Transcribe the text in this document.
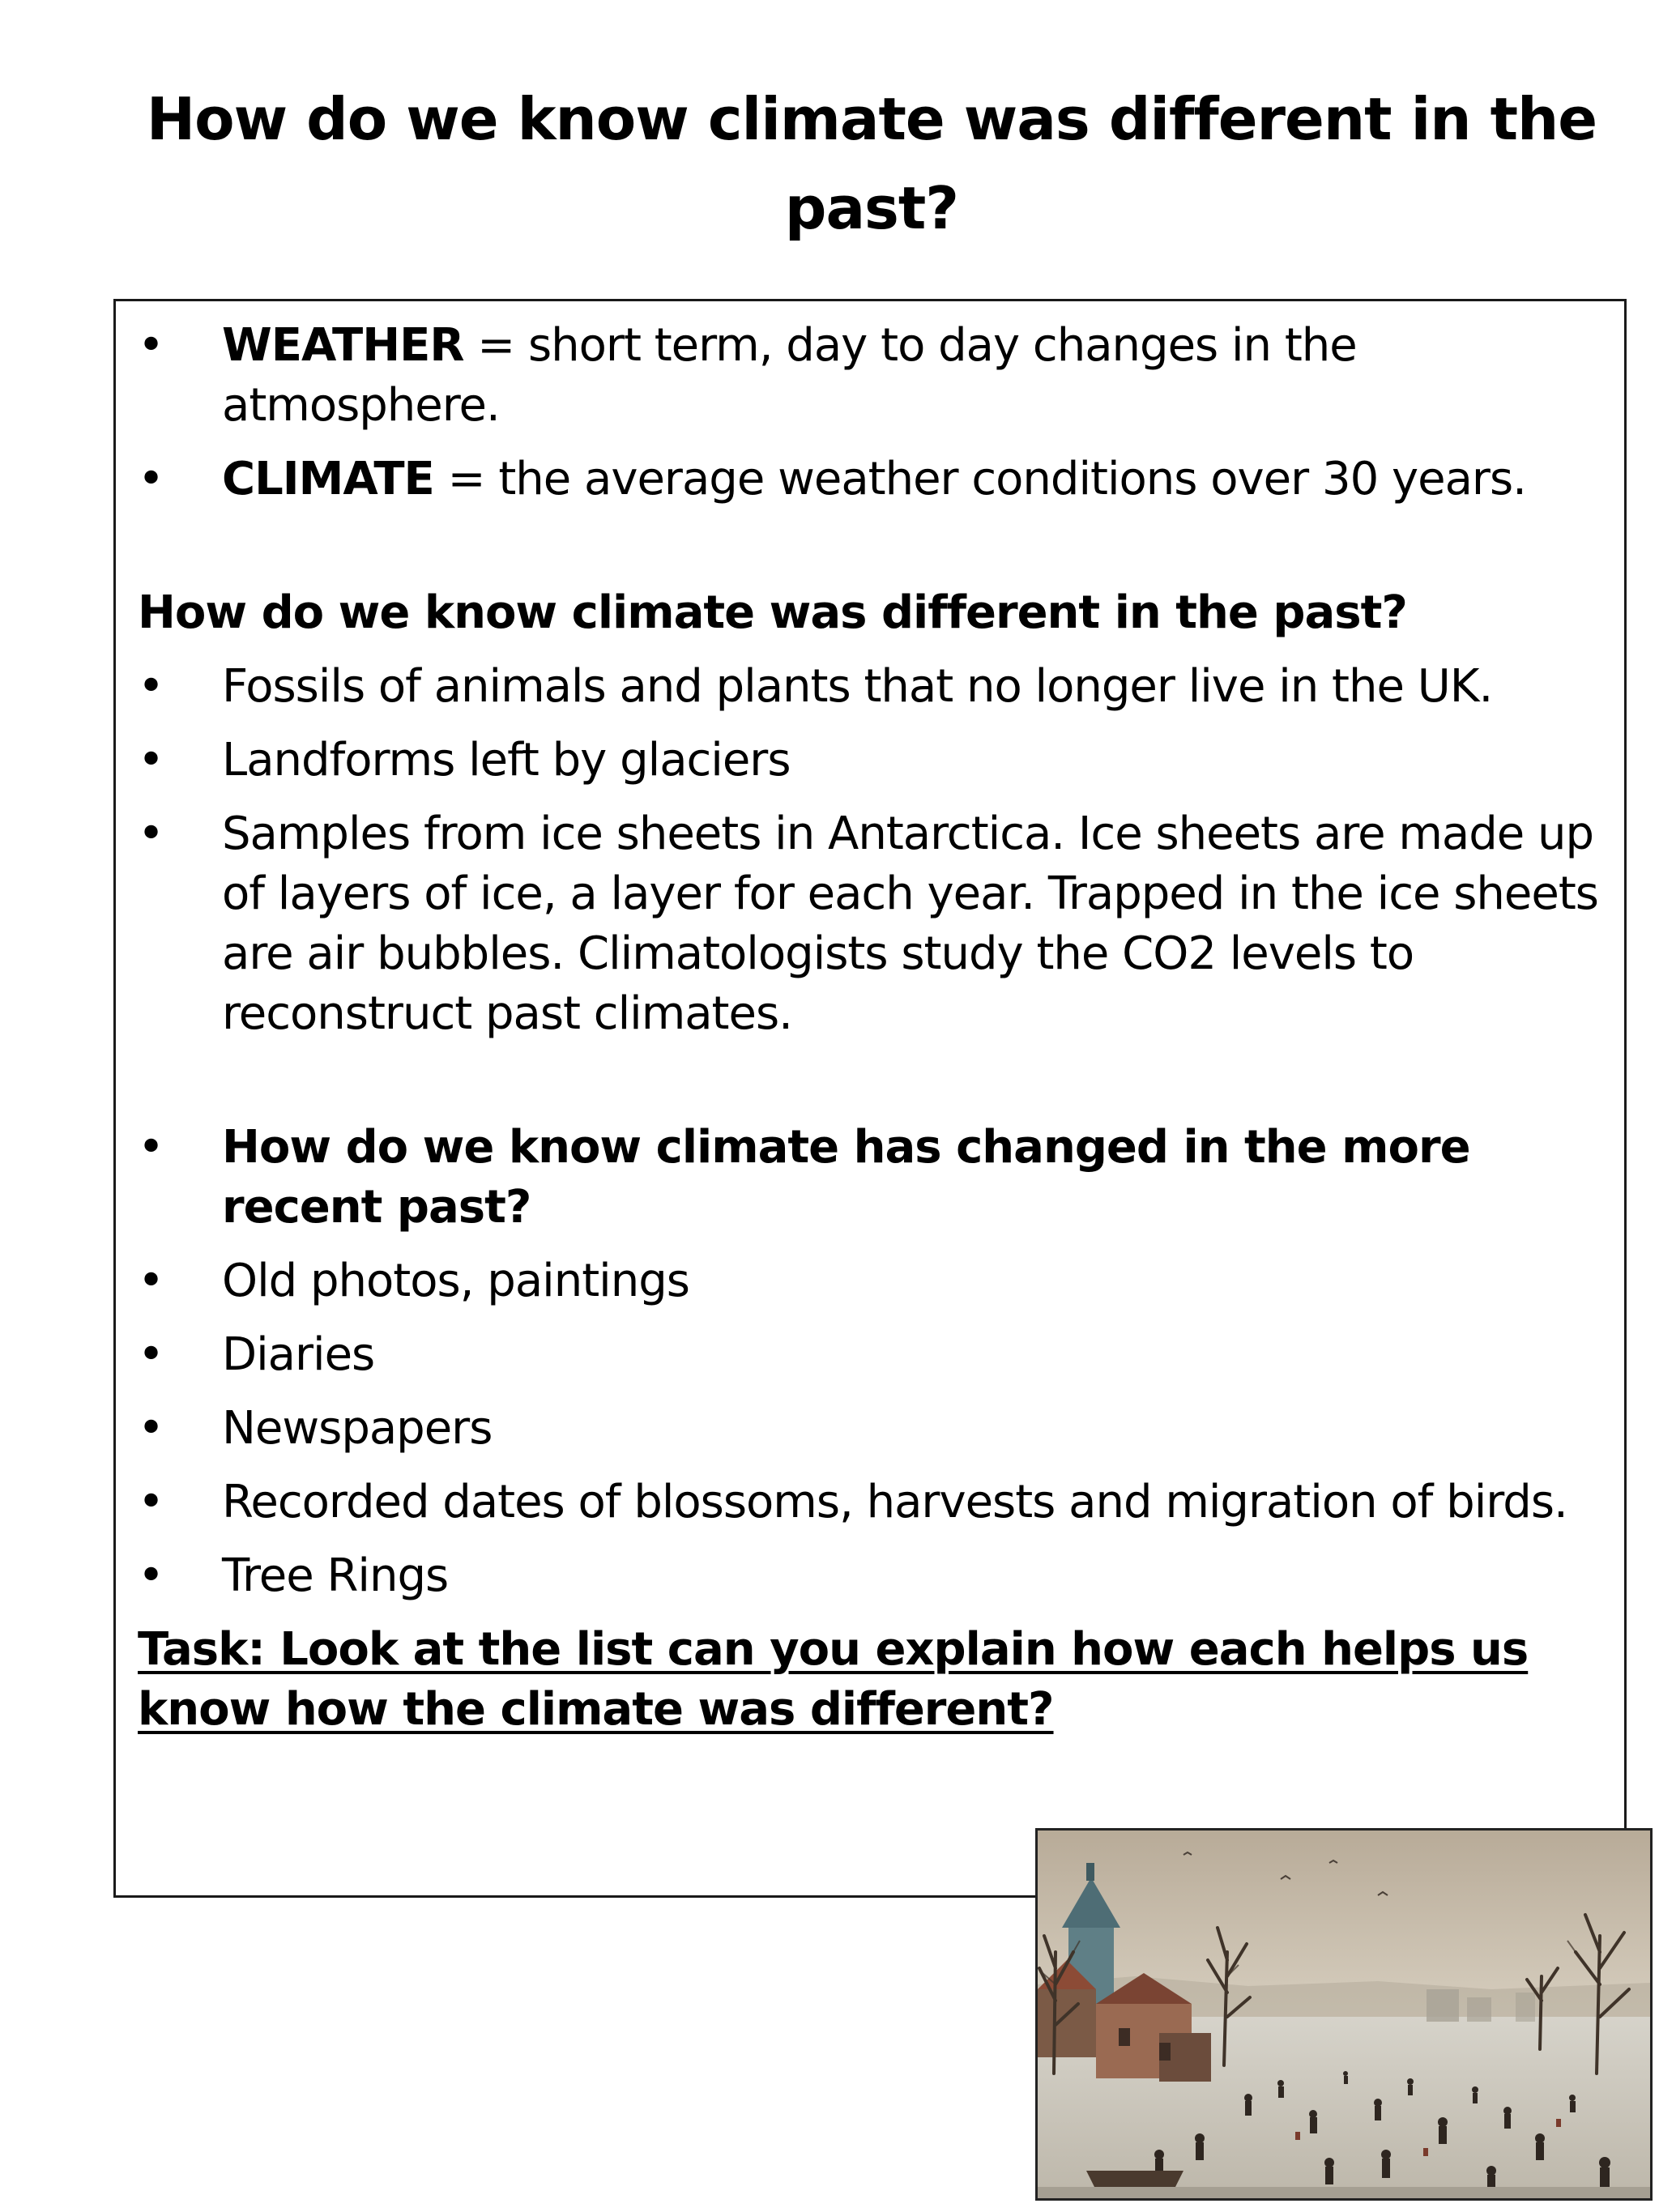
How do we know climate was different in the past?
•	WEATHER = short term, day to day changes in the atmosphere.
•	CLIMATE = the average weather conditions over 30 years.
How do we know climate was different in the past?
•	Fossils of animals and plants that no longer live in the UK.
•	Landforms left by glaciers
•	Samples from ice sheets in Antarctica. Ice sheets are made up of layers of ice, a layer for each year. Trapped in the ice sheets are air bubbles. Climatologists study the CO2 levels to reconstruct past climates.
•	How do we know climate has changed in the more recent past?
•	Old photos, paintings
•	Diaries
•	Newspapers
•	Recorded dates of blossoms, harvests and migration of birds.
•	Tree Rings
Task: Look at the list can you explain how each helps us know how the climate was different?
